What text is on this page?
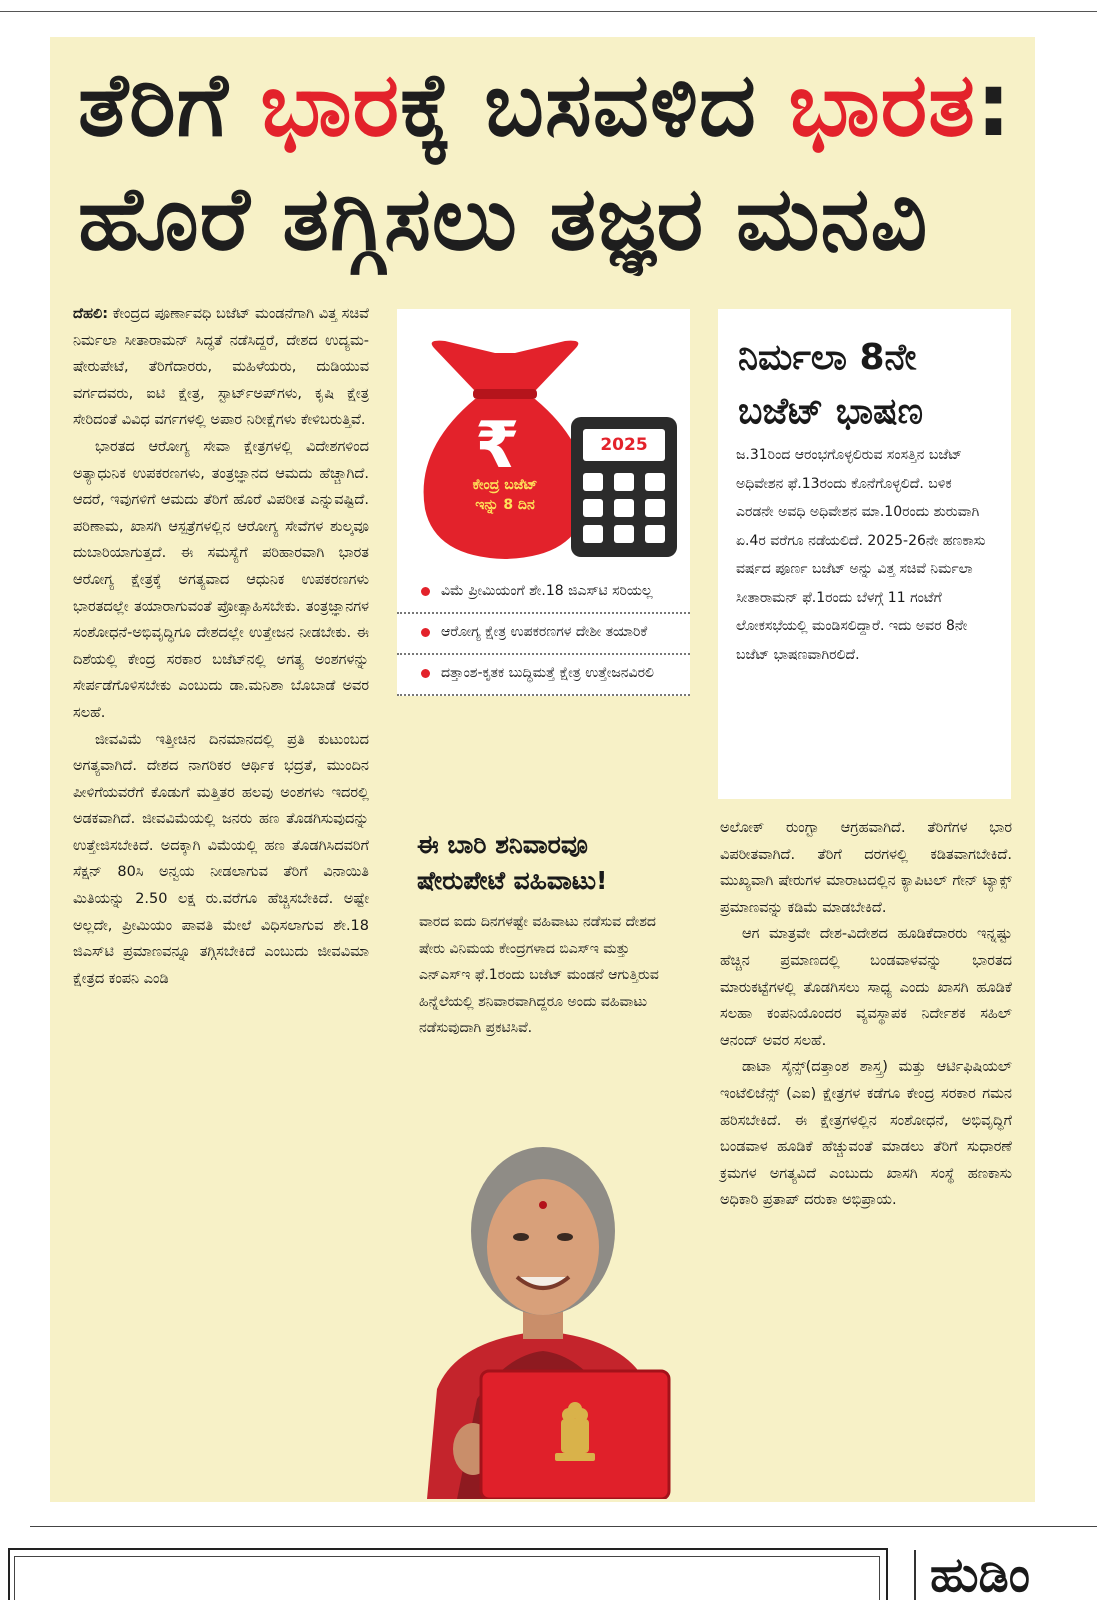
ತೆರಿಗೆ ಭಾರಕ್ಕೆ ಬಸವಳಿದ ಭಾರತ:
ಹೊರೆ ತಗ್ಗಿಸಲು ತಜ್ಞರ ಮನವಿ

ದೆಹಲಿ: ಕೇಂದ್ರದ ಪೂರ್ಣಾವಧಿ ಬಜೆಟ್ ಮಂಡನೆಗಾಗಿ ವಿತ್ತ ಸಚಿವೆ ನಿರ್ಮಲಾ ಸೀತಾರಾಮನ್ ಸಿದ್ಧತೆ ನಡೆಸಿದ್ದರೆ, ದೇಶದ ಉದ್ಯಮ-ಷೇರುಪೇಟೆ, ತೆರಿಗೆದಾರರು, ಮಹಿಳೆಯರು, ದುಡಿಯುವ ವರ್ಗದವರು, ಐಟಿ ಕ್ಷೇತ್ರ, ಸ್ಟಾರ್ಟ್‌ಅಪ್‌ಗಳು, ಕೃಷಿ ಕ್ಷೇತ್ರ ಸೇರಿದಂತೆ ವಿವಿಧ ವರ್ಗಗಳಲ್ಲಿ ಅಪಾರ ನಿರೀಕ್ಷೆಗಳು ಕೇಳಿಬರುತ್ತಿವೆ.

ಭಾರತದ ಆರೋಗ್ಯ ಸೇವಾ ಕ್ಷೇತ್ರಗಳಲ್ಲಿ ವಿದೇಶಗಳಿಂದ ಅತ್ಯಾಧುನಿಕ ಉಪಕರಣಗಳು, ತಂತ್ರಜ್ಞಾನದ ಆಮದು ಹೆಚ್ಚಾಗಿದೆ. ಆದರೆ, ಇವುಗಳಿಗೆ ಆಮದು ತೆರಿಗೆ ಹೊರೆ ವಿಪರೀತ ಎನ್ನುವಷ್ಟಿದೆ. ಪರಿಣಾಮ, ಖಾಸಗಿ ಆಸ್ಪತ್ರೆಗಳಲ್ಲಿನ ಆರೋಗ್ಯ ಸೇವೆಗಳ ಶುಲ್ಕವೂ ದುಬಾರಿಯಾಗುತ್ತದೆ. ಈ ಸಮಸ್ಯೆಗೆ ಪರಿಹಾರವಾಗಿ ಭಾರತ ಆರೋಗ್ಯ ಕ್ಷೇತ್ರಕ್ಕೆ ಅಗತ್ಯವಾದ ಆಧುನಿಕ ಉಪಕರಣಗಳು ಭಾರತದಲ್ಲೇ ತಯಾರಾಗುವಂತೆ ಪ್ರೋತ್ಸಾಹಿಸಬೇಕು. ತಂತ್ರಜ್ಞಾನಗಳ ಸಂಶೋಧನೆ-ಅಭಿವೃದ್ಧಿಗೂ ದೇಶದಲ್ಲೇ ಉತ್ತೇಜನ ನೀಡಬೇಕು. ಈ ದಿಶೆಯಲ್ಲಿ ಕೇಂದ್ರ ಸರಕಾರ ಬಜೆಟ್‌ನಲ್ಲಿ ಅಗತ್ಯ ಅಂಶಗಳನ್ನು ಸೇರ್ಪಡೆಗೊಳಿಸಬೇಕು ಎಂಬುದು ಡಾ.ಮನಿಶಾ ಬೊಬಾಡೆ ಅವರ ಸಲಹೆ.

ಜೀವವಿಮೆ ಇತ್ತೀಚಿನ ದಿನಮಾನದಲ್ಲಿ ಪ್ರತಿ ಕುಟುಂಬದ ಅಗತ್ಯವಾಗಿದೆ. ದೇಶದ ನಾಗರಿಕರ ಆರ್ಥಿಕ ಭದ್ರತೆ, ಮುಂದಿನ ಪೀಳಿಗೆಯವರೆಗೆ ಕೊಡುಗೆ ಮತ್ತಿತರ ಹಲವು ಅಂಶಗಳು ಇದರಲ್ಲಿ ಅಡಕವಾಗಿದೆ. ಜೀವವಿಮೆಯಲ್ಲಿ ಜನರು ಹಣ ತೊಡಗಿಸುವುದನ್ನು ಉತ್ತೇಜಿಸಬೇಕಿದೆ. ಅದಕ್ಕಾಗಿ ವಿಮೆಯಲ್ಲಿ ಹಣ ತೊಡಗಿಸಿದವರಿಗೆ ಸೆಕ್ಷನ್ 80ಸಿ ಅನ್ವಯ ನೀಡಲಾಗುವ ತೆರಿಗೆ ವಿನಾಯಿತಿ ಮಿತಿಯನ್ನು 2.50 ಲಕ್ಷ ರು.ವರೆಗೂ ಹೆಚ್ಚಿಸಬೇಕಿದೆ. ಅಷ್ಟೇ ಅಲ್ಲದೇ, ಪ್ರೀಮಿಯಂ ಪಾವತಿ ಮೇಲೆ ವಿಧಿಸಲಾಗುವ ಶೇ.18 ಜಿಎಸ್‌ಟಿ ಪ್ರಮಾಣವನ್ನೂ ತಗ್ಗಿಸಬೇಕಿದೆ ಎಂಬುದು ಜೀವವಿಮಾ ಕ್ಷೇತ್ರದ ಕಂಪನಿ ಎಂಡಿ

₹
ಕೇಂದ್ರ ಬಜೆಟ್
ಇನ್ನು 8 ದಿನ
2025
ವಿಮೆ ಪ್ರೀಮಿಯಂಗೆ ಶೇ.18 ಜಿಎಸ್‌ಟಿ ಸರಿಯಲ್ಲ
ಆರೋಗ್ಯ ಕ್ಷೇತ್ರ ಉಪಕರಣಗಳ ದೇಶೀ ತಯಾರಿಕೆ
ದತ್ತಾಂಶ-ಕೃತಕ ಬುದ್ಧಿಮತ್ತೆ ಕ್ಷೇತ್ರ ಉತ್ತೇಜನವಿರಲಿ
ಈ ಬಾರಿ ಶನಿವಾರವೂ ಷೇರುಪೇಟೆ ವಹಿವಾಟು!
ವಾರದ ಐದು ದಿನಗಳಷ್ಟೇ ವಹಿವಾಟು ನಡೆಸುವ ದೇಶದ ಷೇರು ವಿನಿಮಯ ಕೇಂದ್ರಗಳಾದ ಬಿಎಸ್‌ಇ ಮತ್ತು ಎನ್‌ಎಸ್‌ಇ ಫೆ.1ರಂದು ಬಜೆಟ್ ಮಂಡನೆ ಆಗುತ್ತಿರುವ ಹಿನ್ನೆಲೆಯಲ್ಲಿ ಶನಿವಾರವಾಗಿದ್ದರೂ ಅಂದು ವಹಿವಾಟು ನಡೆಸುವುದಾಗಿ ಪ್ರಕಟಿಸಿವೆ.
ನಿರ್ಮಲಾ 8ನೇ ಬಜೆಟ್ ಭಾಷಣ
ಜ.31ರಿಂದ ಆರಂಭಗೊಳ್ಳಲಿರುವ ಸಂಸತ್ತಿನ ಬಜೆಟ್ ಅಧಿವೇಶನ ಫೆ.13ರಂದು ಕೊನೆಗೊಳ್ಳಲಿದೆ. ಬಳಿಕ ಎರಡನೇ ಅವಧಿ ಅಧಿವೇಶನ ಮಾ.10ರಂದು ಶುರುವಾಗಿ ಏ.4ರ ವರೆಗೂ ನಡೆಯಲಿದೆ. 2025-26ನೇ ಹಣಕಾಸು ವರ್ಷದ ಪೂರ್ಣ ಬಜೆಟ್ ಅನ್ನು ವಿತ್ತ ಸಚಿವೆ ನಿರ್ಮಲಾ ಸೀತಾರಾಮನ್ ಫೆ.1ರಂದು ಬೆಳಗ್ಗೆ 11 ಗಂಟೆಗೆ ಲೋಕಸಭೆಯಲ್ಲಿ ಮಂಡಿಸಲಿದ್ದಾರೆ. ಇದು ಅವರ 8ನೇ ಬಜೆಟ್ ಭಾಷಣವಾಗಿರಲಿದೆ.

ಅಲೋಕ್ ರುಂಗ್ಟಾ ಆಗ್ರಹವಾಗಿದೆ. ತೆರಿಗೆಗಳ ಭಾರ ವಿಪರೀತವಾಗಿದೆ. ತೆರಿಗೆ ದರಗಳಲ್ಲಿ ಕಡಿತವಾಗಬೇಕಿದೆ. ಮುಖ್ಯವಾಗಿ ಷೇರುಗಳ ಮಾರಾಟದಲ್ಲಿನ ಕ್ಯಾಪಿಟಲ್ ಗೇನ್ ಟ್ಯಾಕ್ಸ್ ಪ್ರಮಾಣವನ್ನು ಕಡಿಮೆ ಮಾಡಬೇಕಿದೆ.

ಆಗ ಮಾತ್ರವೇ ದೇಶ-ವಿದೇಶದ ಹೂಡಿಕೆದಾರರು ಇನ್ನಷ್ಟು ಹೆಚ್ಚಿನ ಪ್ರಮಾಣದಲ್ಲಿ ಬಂಡವಾಳವನ್ನು ಭಾರತದ ಮಾರುಕಟ್ಟೆಗಳಲ್ಲಿ ತೊಡಗಿಸಲು ಸಾಧ್ಯ ಎಂದು ಖಾಸಗಿ ಹೂಡಿಕೆ ಸಲಹಾ ಕಂಪನಿಯೊಂದರ ವ್ಯವಸ್ಥಾಪಕ ನಿರ್ದೇಶಕ ಸಹಿಲ್ ಆನಂದ್ ಅವರ ಸಲಹೆ.

ಡಾಟಾ ಸೈನ್ಸ್(ದತ್ತಾಂಶ ಶಾಸ್ತ್ರ) ಮತ್ತು ಆರ್ಟಿಫಿಷಿಯಲ್ ಇಂಟೆಲಿಜೆನ್ಸ್ (ಎಐ) ಕ್ಷೇತ್ರಗಳ ಕಡೆಗೂ ಕೇಂದ್ರ ಸರಕಾರ ಗಮನ ಹರಿಸಬೇಕಿದೆ. ಈ ಕ್ಷೇತ್ರಗಳಲ್ಲಿನ ಸಂಶೋಧನೆ, ಅಭಿವೃದ್ಧಿಗೆ ಬಂಡವಾಳ ಹೂಡಿಕೆ ಹೆಚ್ಚುವಂತೆ ಮಾಡಲು ತೆರಿಗೆ ಸುಧಾರಣೆ ಕ್ರಮಗಳ ಅಗತ್ಯವಿದೆ ಎಂಬುದು ಖಾಸಗಿ ಸಂಸ್ಥೆ ಹಣಕಾಸು ಅಧಿಕಾರಿ ಪ್ರತಾಪ್ ದರುಕಾ ಅಭಿಪ್ರಾಯ.

ಹುಡಿಂ
